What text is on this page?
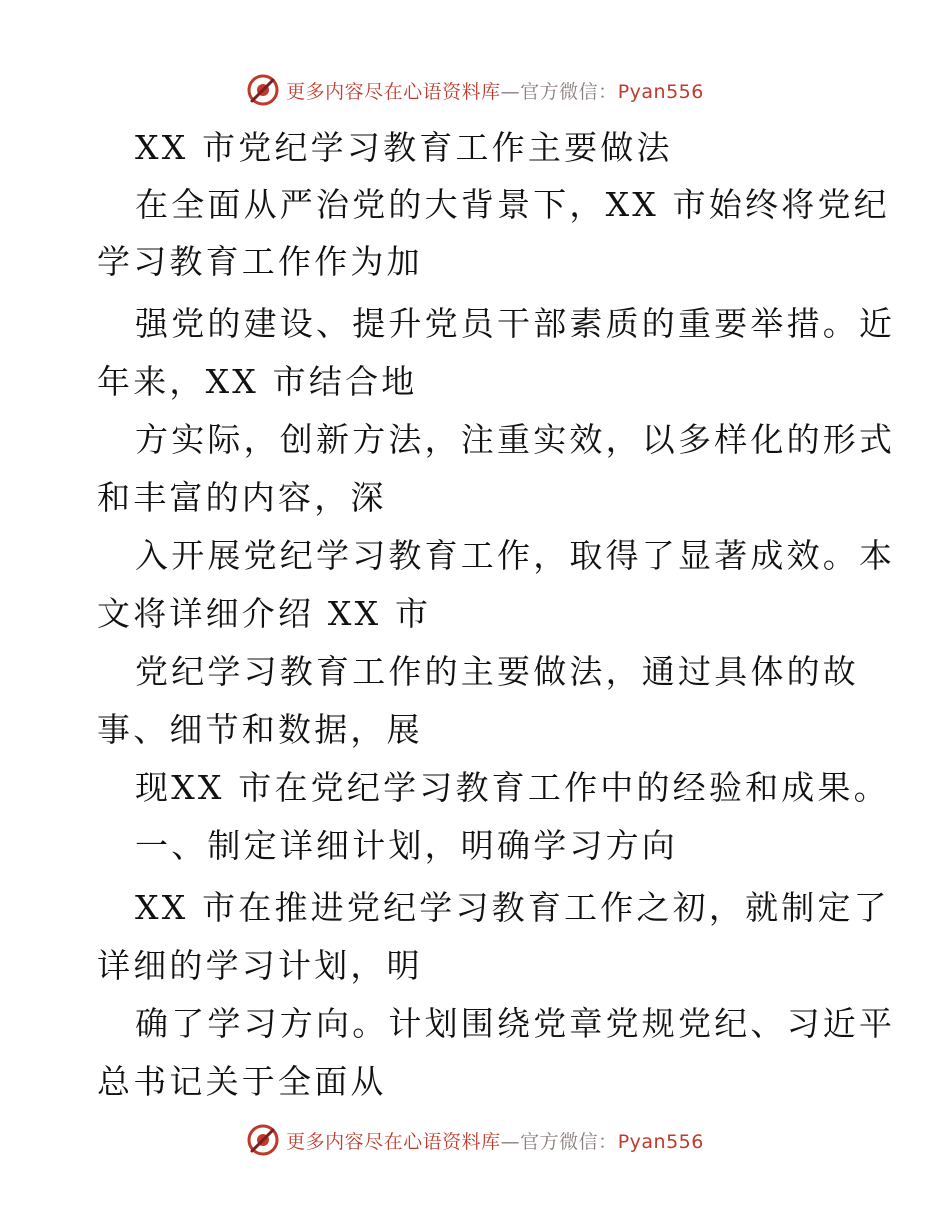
更多内容尽在心语资料库—官方微信：Pyan556
XX 市党纪学习教育工作主要做法
在全面从严治党的大背景下，XX 市始终将党纪
学习教育工作作为加
强党的建设、提升党员干部素质的重要举措。近
年来，XX 市结合地
方实际，创新方法，注重实效，以多样化的形式
和丰富的内容，深
入开展党纪学习教育工作，取得了显著成效。本
文将详细介绍 XX 市
党纪学习教育工作的主要做法，通过具体的故
事、细节和数据，展
现XX 市在党纪学习教育工作中的经验和成果。
一、制定详细计划，明确学习方向
XX 市在推进党纪学习教育工作之初，就制定了
详细的学习计划，明
确了学习方向。计划围绕党章党规党纪、习近平
总书记关于全面从
更多内容尽在心语资料库—官方微信：Pyan556
